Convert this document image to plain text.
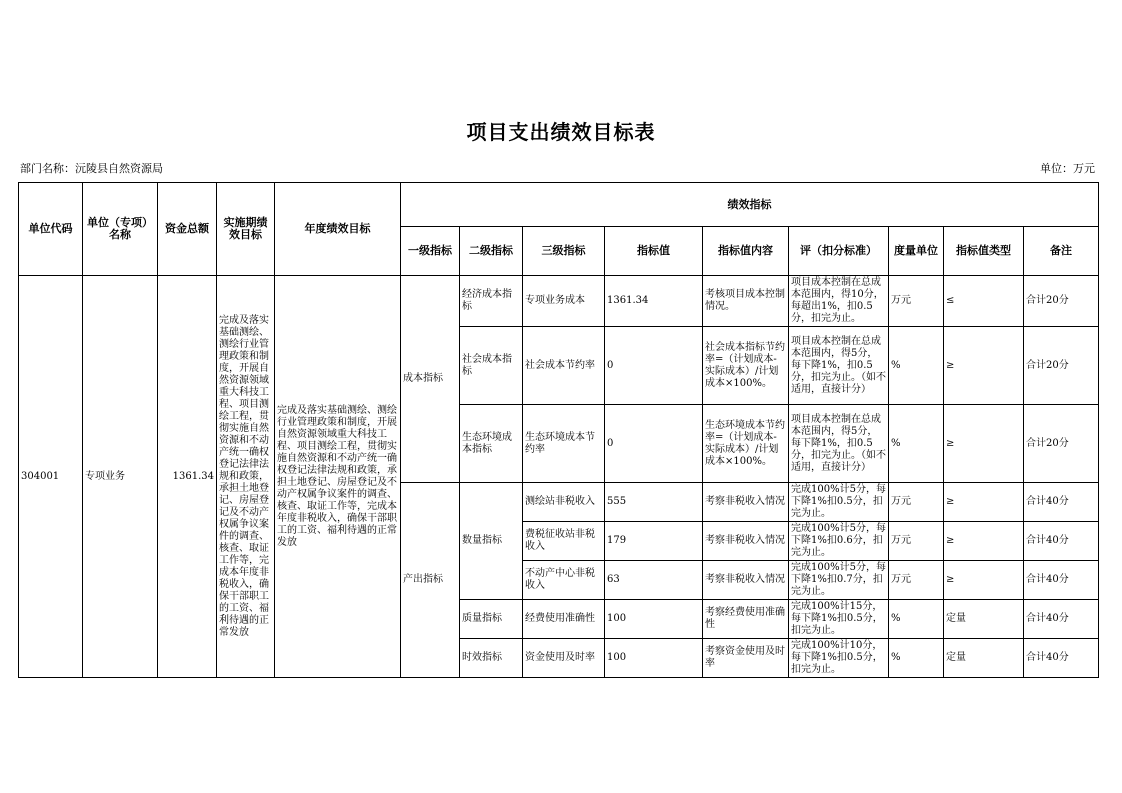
项目支出绩效目标表
部门名称：沅陵县自然资源局	单位：万元
单位代码	单位（专项）名称	资金总额	实施期绩效目标	年度绩效目标	绩效指标								
					一级指标	二级指标	三级指标	指标值	指标值内容	评（扣分标准）	度量单位	指标值类型	备注
304001	专项业务	1361.34	完成及落实基础测绘、测绘行业管理政策和制度，开展自然资源领域重大科技工程、项目测绘工程，贯彻实施自然资源和不动产统一确权登记法律法规和政策，承担土地登记、房屋登记及不动产权属争议案件的调查、核查、取证工作等，完成本年度非税收入，确保干部职工的工资、福利待遇的正常发放	完成及落实基础测绘、测绘行业管理政策和制度，开展自然资源领域重大科技工程、项目测绘工程，贯彻实施自然资源和不动产统一确权登记法律法规和政策，承担土地登记、房屋登记及不动产权属争议案件的调查、核查、取证工作等，完成本年度非税收入，确保干部职工的工资、福利待遇的正常发放	成本指标	经济成本指标	专项业务成本	1361.34	考核项目成本控制情况。	项目成本控制在总成本范围内，得10分，每超出1%，扣0.5分，扣完为止。	万元	≤	合计20分
						社会成本指标	社会成本节约率	0	社会成本指标节约率=（计划成本-实际成本）/计划成本×100%。	项目成本控制在总成本范围内，得5分，每下降1%，扣0.5分，扣完为止。（如不适用，直接计分）	%	≥	合计20分
						生态环境成本指标	生态环境成本节约率	0	生态环境成本节约率=（计划成本-实际成本）/计划成本×100%。	项目成本控制在总成本范围内，得5分，每下降1%，扣0.5分，扣完为止。（如不适用，直接计分）	%	≥	合计20分
					产出指标	数量指标	测绘站非税收入	555	考察非税收入情况	完成100%计5分，每下降1%扣0.5分，扣完为止。	万元	≥	合计40分
							费税征收站非税收入	179	考察非税收入情况	完成100%计5分，每下降1%扣0.6分，扣完为止。	万元	≥	合计40分
							不动产中心非税收入	63	考察非税收入情况	完成100%计5分，每下降1%扣0.7分，扣完为止。	万元	≥	合计40分
						质量指标	经费使用准确性	100	考察经费使用准确性	完成100%计15分，每下降1%扣0.5分，扣完为止。	%	定量	合计40分
						时效指标	资金使用及时率	100	考察资金使用及时率	完成100%计10分，每下降1%扣0.5分，扣完为止。	%	定量	合计40分
